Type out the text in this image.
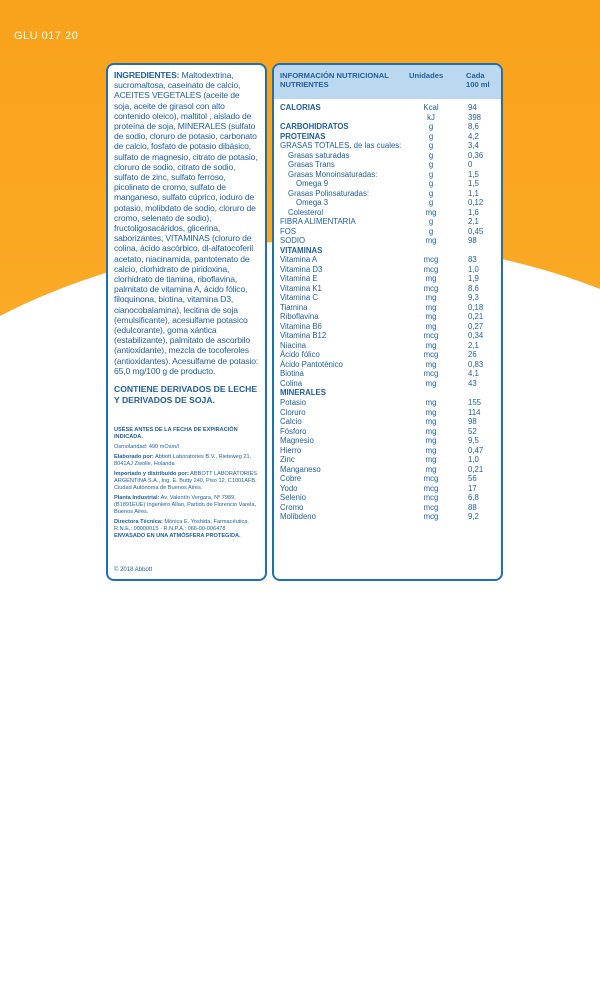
GLU 017 20
INGREDIENTES: Maltodextrina, sucromaltosa, caseinato de calcio, ACEITES VEGETALES (aceite de soja, aceite de girasol con alto contenido oleico), maltitol , aislado de proteína de soja, MINERALES (sulfato de sodio, cloruro de potasio, carbonato de calcio, fosfato de potasio dibásico, sulfato de magnesio, citrato de potasio, cloruro de sodio, citrato de sodio, sulfato de zinc, sulfato ferroso, picolinato de cromo, sulfato de manganeso, sulfato cúprico, ioduro de potasio, molibdato de sodio, cloruro de cromo, selenato de sodio), fructoligosacáridos, glicerina, saborizantes, VITAMINAS (cloruro de colina, ácido ascórbico, dl-alfatocoferil acetato, niacinamida, pantotenato de calcio, clorhidrato de piridoxina, clorhidrato de tiamina, riboflavina, palmitato de vitamina A, ácido fólico, filoquinona, biotina, vitamina D3, cianocobalamina), lecitina de soja (emulsificante), acesulfame potasico (edulcorante), goma xántica (estabilizante), palmitato de ascorbilo (antioxidante), mezcla de tocoferoles (antioxidantes). Acesulfame de potasio: 65,0 mg/100 g de producto.
CONTIENE DERIVADOS DE LECHE Y DERIVADOS DE SOJA.
USÉSE ANTES DE LA FECHA DE EXPIRACIÓN INDICADA.
Osmolaridad: 490 mOsm/l
Elaborado por: Abbott Laboratories B.V., Rieteweg 21, 8041AJ Zwolle, Holanda
Importado y distribuido por: ABBOTT LABORATORIES ARGENTINA S.A., Ing. E. Butty 240, Piso 12, C1001AFB, Ciudad Autónoma de Buenos Aires.
Planta Industrial: Av. Valentín Vergara, Nº 7989, (B1891EUE) Ingeniero Allan, Partido de Florencio Varela, Buenos Aires.
Directora Técnica: Mónica E. Yoshida, Farmacéutica.
R.N.E.: 00000015 · R.N.P.A.: 066-00-006478
ENVASADO EN UNA ATMÓSFERA PROTEGIDA.
© 2018 Abbott
INFORMACIÓN NUTRICIONAL NUTRIENTES
Unidades	Cada 100 ml
CALORIAS	Kcal	94
kJ	398
CARBOHIDRATOS	g	8,6
PROTEINAS	g	4,2
GRASAS TOTALES, de las cuales:	g	3,4
Grasas saturadas	g	0,36
Grasas Trans	g	0
Grasas Monoinsaturadas:	g	1,5
Omega 9	g	1,5
Grasas Polinsaturadas:	g	1,1
Omega 3	g	0,12
Colesterol	mg	1,6
FIBRA ALIMENTARIA	g	2,1
FOS	g	0,45
SODIO	mg	98
VITAMINAS
Vitamina A	mcg	83
Vitamina D3	mcg	1,0
Vitamina E	mg	1,9
Vitamina K1	mcg	8,6
Vitamina C	mg	9,3
Tiamina	mg	0,18
Riboflavina	mg	0,21
Vitamina B6	mg	0,27
Vitamina B12	mcg	0,34
Niacina	mg	2,1
Ácido fólico	mcg	26
Ácido Pantoténico	mg	0,83
Biotina	mcg	4,1
Colina	mg	43
MINERALES
Potasio	mg	155
Cloruro	mg	114
Calcio	mg	98
Fósforo	mg	52
Magnesio	mg	9,5
Hierro	mg	0,47
Zinc	mg	1,0
Manganeso	mg	0,21
Cobre	mcg	56
Yodo	mcg	17
Selenio	mcg	6,8
Cromo	mcg	88
Molibdeno	mcg	9,2
